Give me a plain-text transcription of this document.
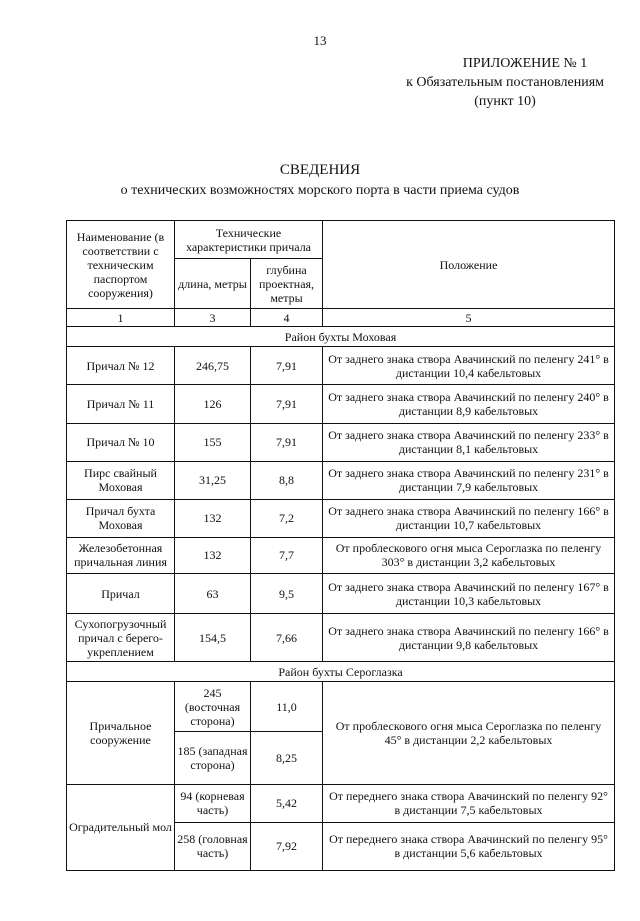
13
ПРИЛОЖЕНИЕ № 1
к Обязательным постановлениям
(пункт 10)
СВЕДЕНИЯ
о технических возможностях морского порта в части приема судов
Наименование (в соответствии с техническим паспортом сооружения)	Технические характеристики причала		Положение
	длина, метры	глубина проектная, метры	
1	3	4	5
Район бухты Моховая			
Причал № 12	246,75	7,91	От заднего знака створа Авачинский по пеленгу 241° в дистанции 10,4 кабельтовых
Причал № 11	126	7,91	От заднего знака створа Авачинский по пеленгу 240° в дистанции 8,9 кабельтовых
Причал № 10	155	7,91	От заднего знака створа Авачинский по пеленгу 233° в дистанции 8,1 кабельтовых
Пирс свайный Моховая	31,25	8,8	От заднего знака створа Авачинский по пеленгу 231° в дистанции 7,9 кабельтовых
Причал бухта Моховая	132	7,2	От заднего знака створа Авачинский по пеленгу 166° в дистанции 10,7 кабельтовых
Железобетонная причальная линия	132	7,7	От проблескового огня мыса Сероглазка по пеленгу 303° в дистанции 3,2 кабельтовых
Причал	63	9,5	От заднего знака створа Авачинский по пеленгу 167° в дистанции 10,3 кабельтовых
Сухопогрузочный причал с берего-укреплением	154,5	7,66	От заднего знака створа Авачинский по пеленгу 166° в дистанции 9,8 кабельтовых
Район бухты Сероглазка			
Причальное сооружение	245 (восточная сторона)	11,0	От проблескового огня мыса Сероглазка по пеленгу 45° в дистанции 2,2 кабельтовых
	185 (западная сторона)	8,25	
Оградительный мол	94 (корневая часть)	5,42	От переднего знака створа Авачинский по пеленгу 92° в дистанции 7,5 кабельтовых
	258 (головная часть)	7,92	От переднего знака створа Авачинский по пеленгу 95° в дистанции 5,6 кабельтовых
